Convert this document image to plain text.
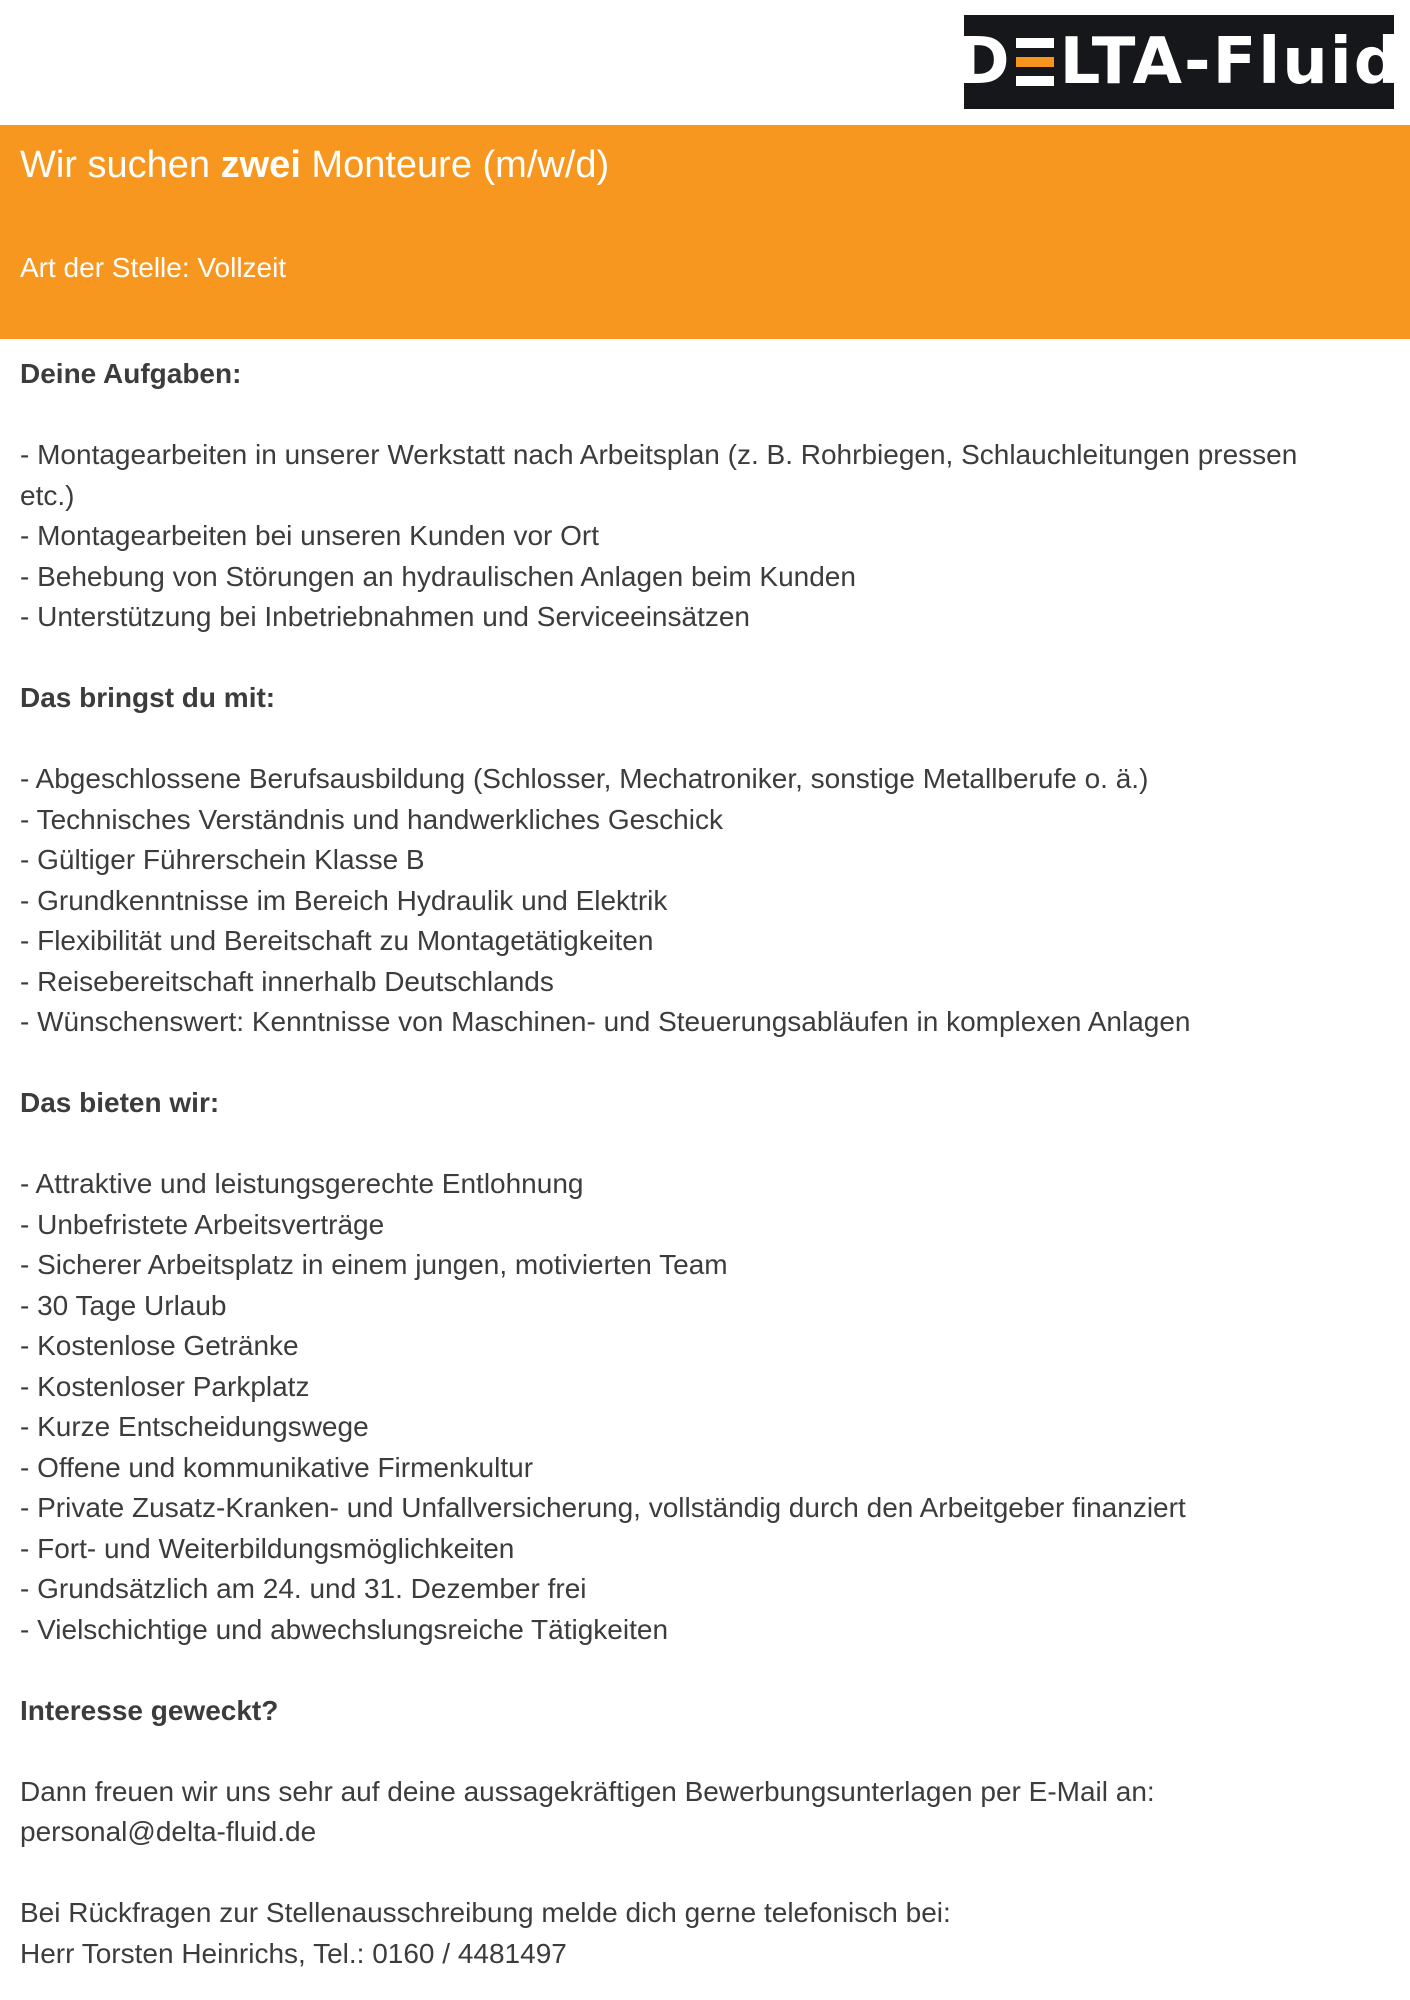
D LTA-Fluid
Wir suchen zwei Monteure (m/w/d)
Art der Stelle: Vollzeit

Deine Aufgaben:

- Montagearbeiten in unserer Werkstatt nach Arbeitsplan (z. B. Rohrbiegen, Schlauchleitungen pressen etc.)
- Montagearbeiten bei unseren Kunden vor Ort
- Behebung von Störungen an hydraulischen Anlagen beim Kunden
- Unterstützung bei Inbetriebnahmen und Serviceeinsätzen

Das bringst du mit:

- Abgeschlossene Berufsausbildung (Schlosser, Mechatroniker, sonstige Metallberufe o. ä.)
- Technisches Verständnis und handwerkliches Geschick
- Gültiger Führerschein Klasse B
- Grundkenntnisse im Bereich Hydraulik und Elektrik
- Flexibilität und Bereitschaft zu Montagetätigkeiten
- Reisebereitschaft innerhalb Deutschlands
- Wünschenswert: Kenntnisse von Maschinen- und Steuerungsabläufen in komplexen Anlagen

Das bieten wir:

- Attraktive und leistungsgerechte Entlohnung
- Unbefristete Arbeitsverträge
- Sicherer Arbeitsplatz in einem jungen, motivierten Team
- 30 Tage Urlaub
- Kostenlose Getränke
- Kostenloser Parkplatz
- Kurze Entscheidungswege
- Offene und kommunikative Firmenkultur
- Private Zusatz-Kranken- und Unfallversicherung, vollständig durch den Arbeitgeber finanziert
- Fort- und Weiterbildungsmöglichkeiten
- Grundsätzlich am 24. und 31. Dezember frei
- Vielschichtige und abwechslungsreiche Tätigkeiten

Interesse geweckt?

Dann freuen wir uns sehr auf deine aussagekräftigen Bewerbungsunterlagen per E-Mail an:

personal@delta-fluid.de

Bei Rückfragen zur Stellenausschreibung melde dich gerne telefonisch bei:

Herr Torsten Heinrichs, Tel.: 0160 / 4481497
